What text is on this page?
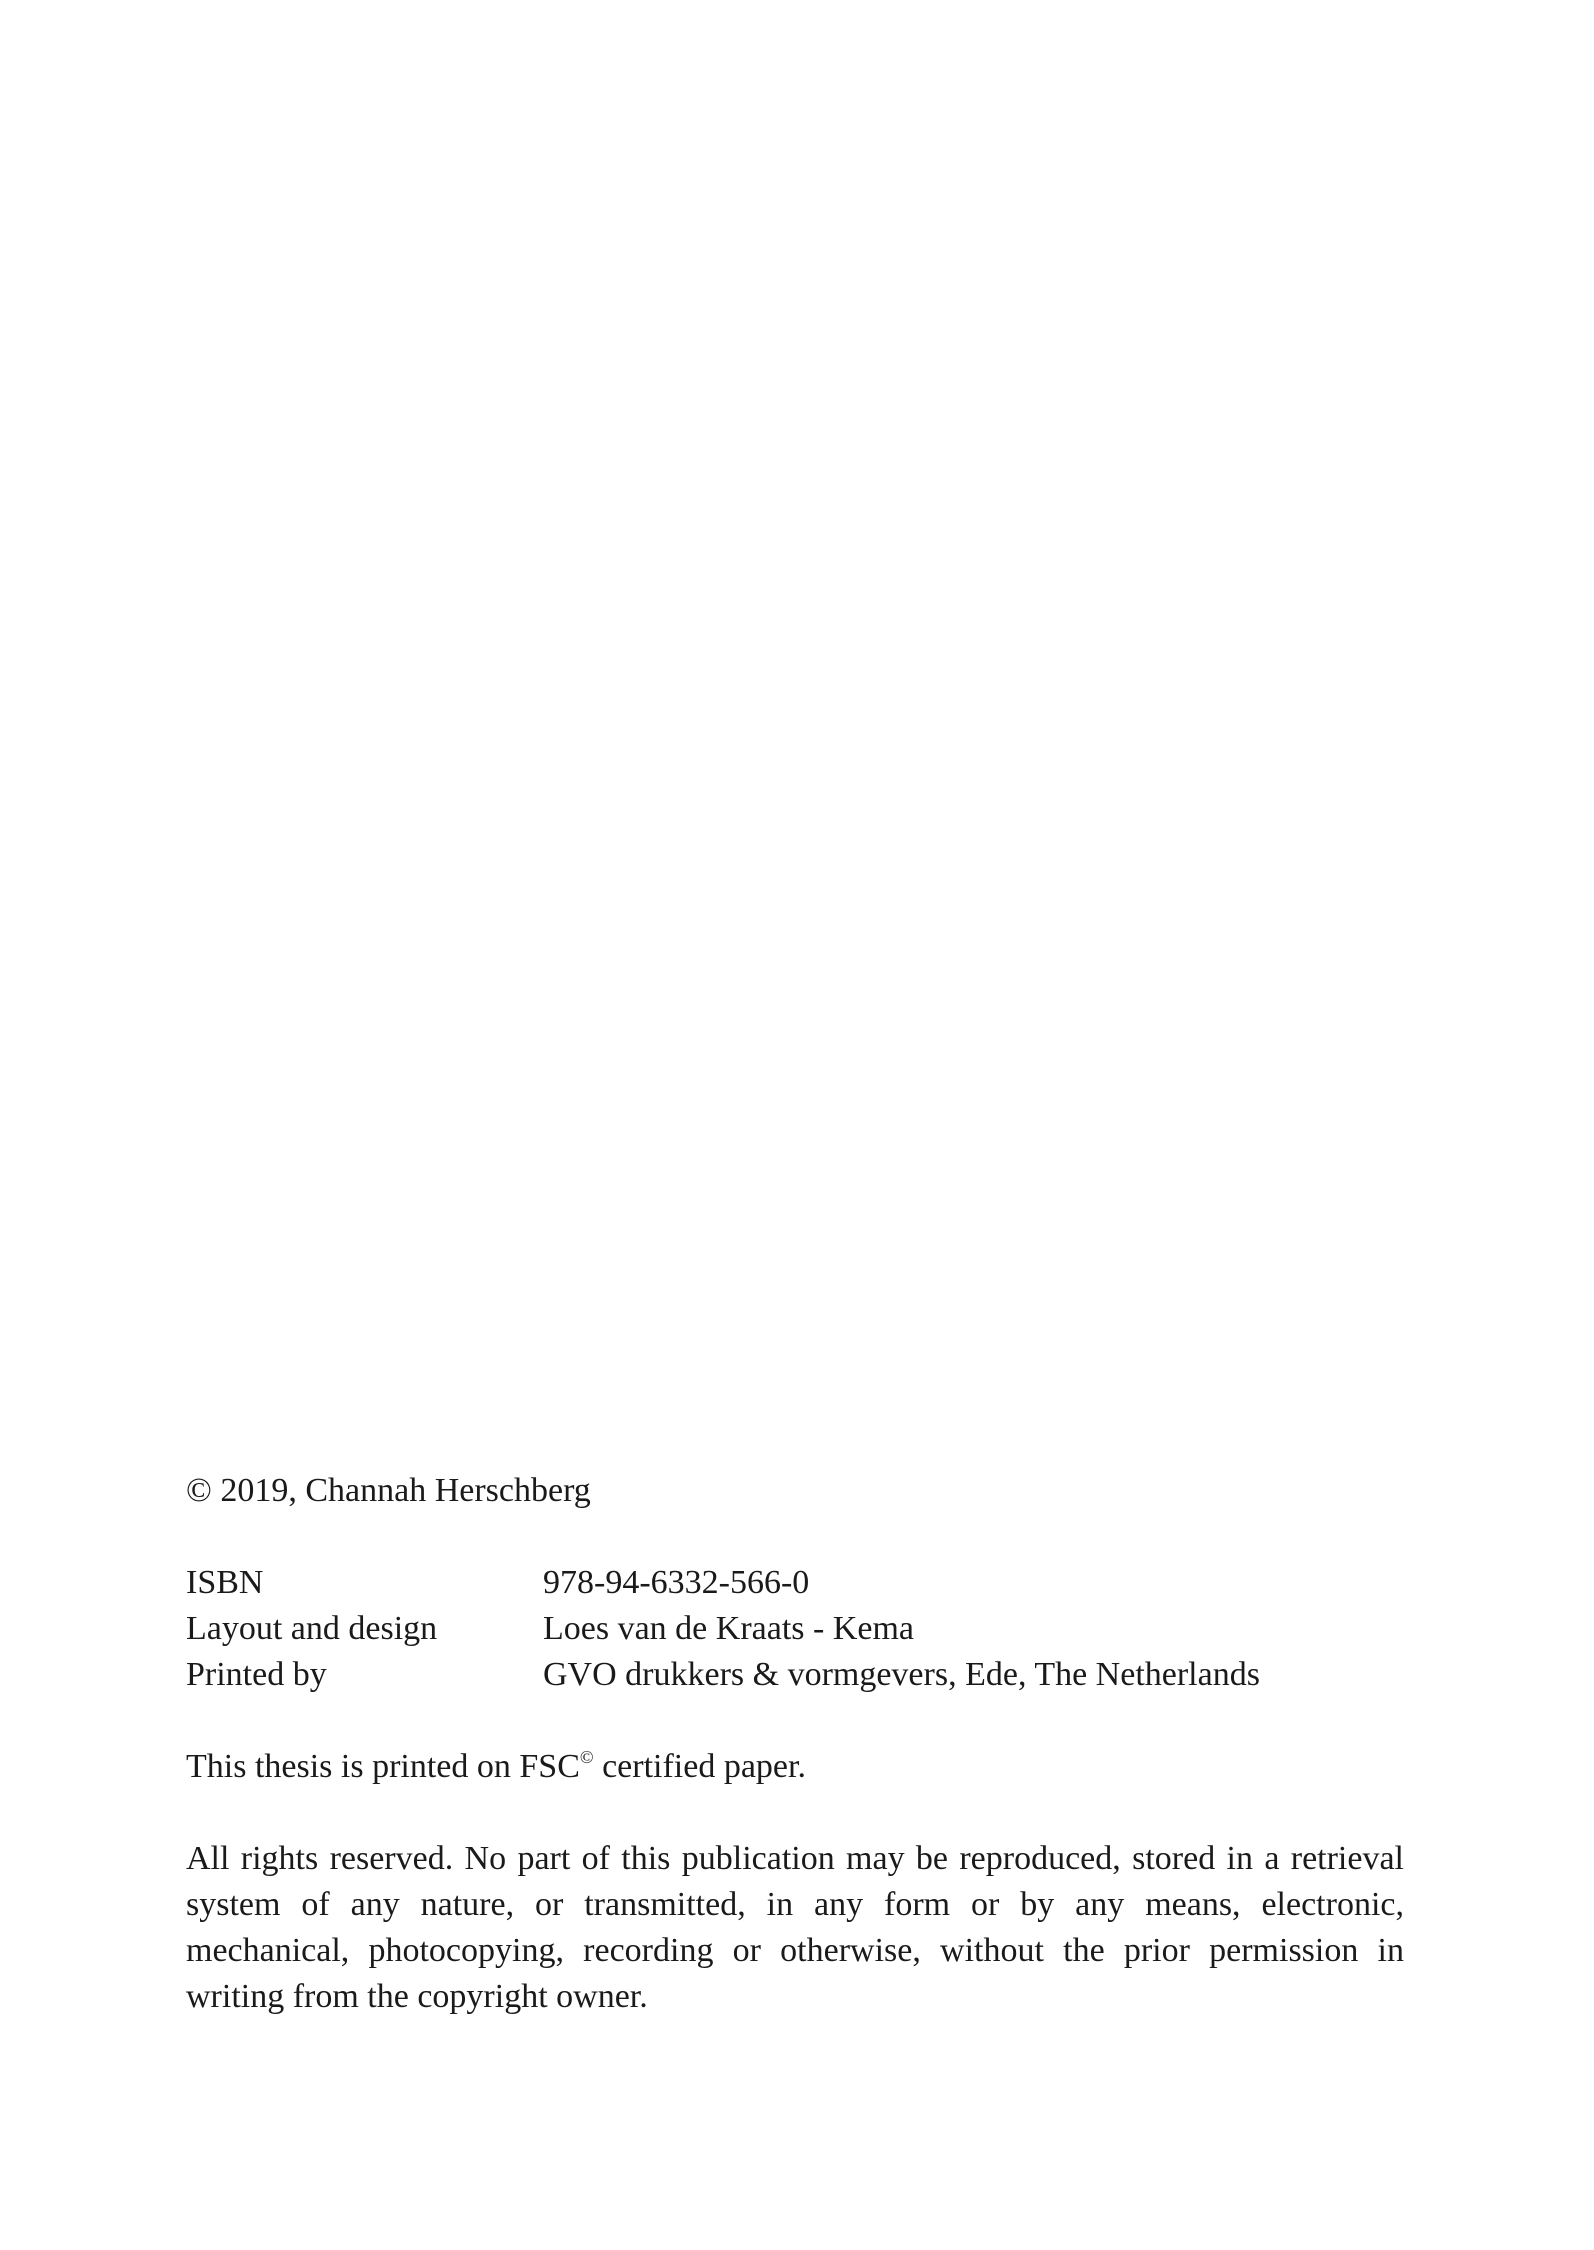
© 2019, Channah Herschberg

ISBN	978-94-6332-566-0
Layout and design	Loes van de Kraats - Kema
Printed by	GVO drukkers & vormgevers, Ede, The Netherlands

This thesis is printed on FSC© certified paper.

All rights reserved. No part of this publication may be reproduced, stored in a retrieval system of any nature, or transmitted, in any form or by any means, electronic, mechanical, photocopying, recording or otherwise, without the prior permission in writing from the copyright owner.
